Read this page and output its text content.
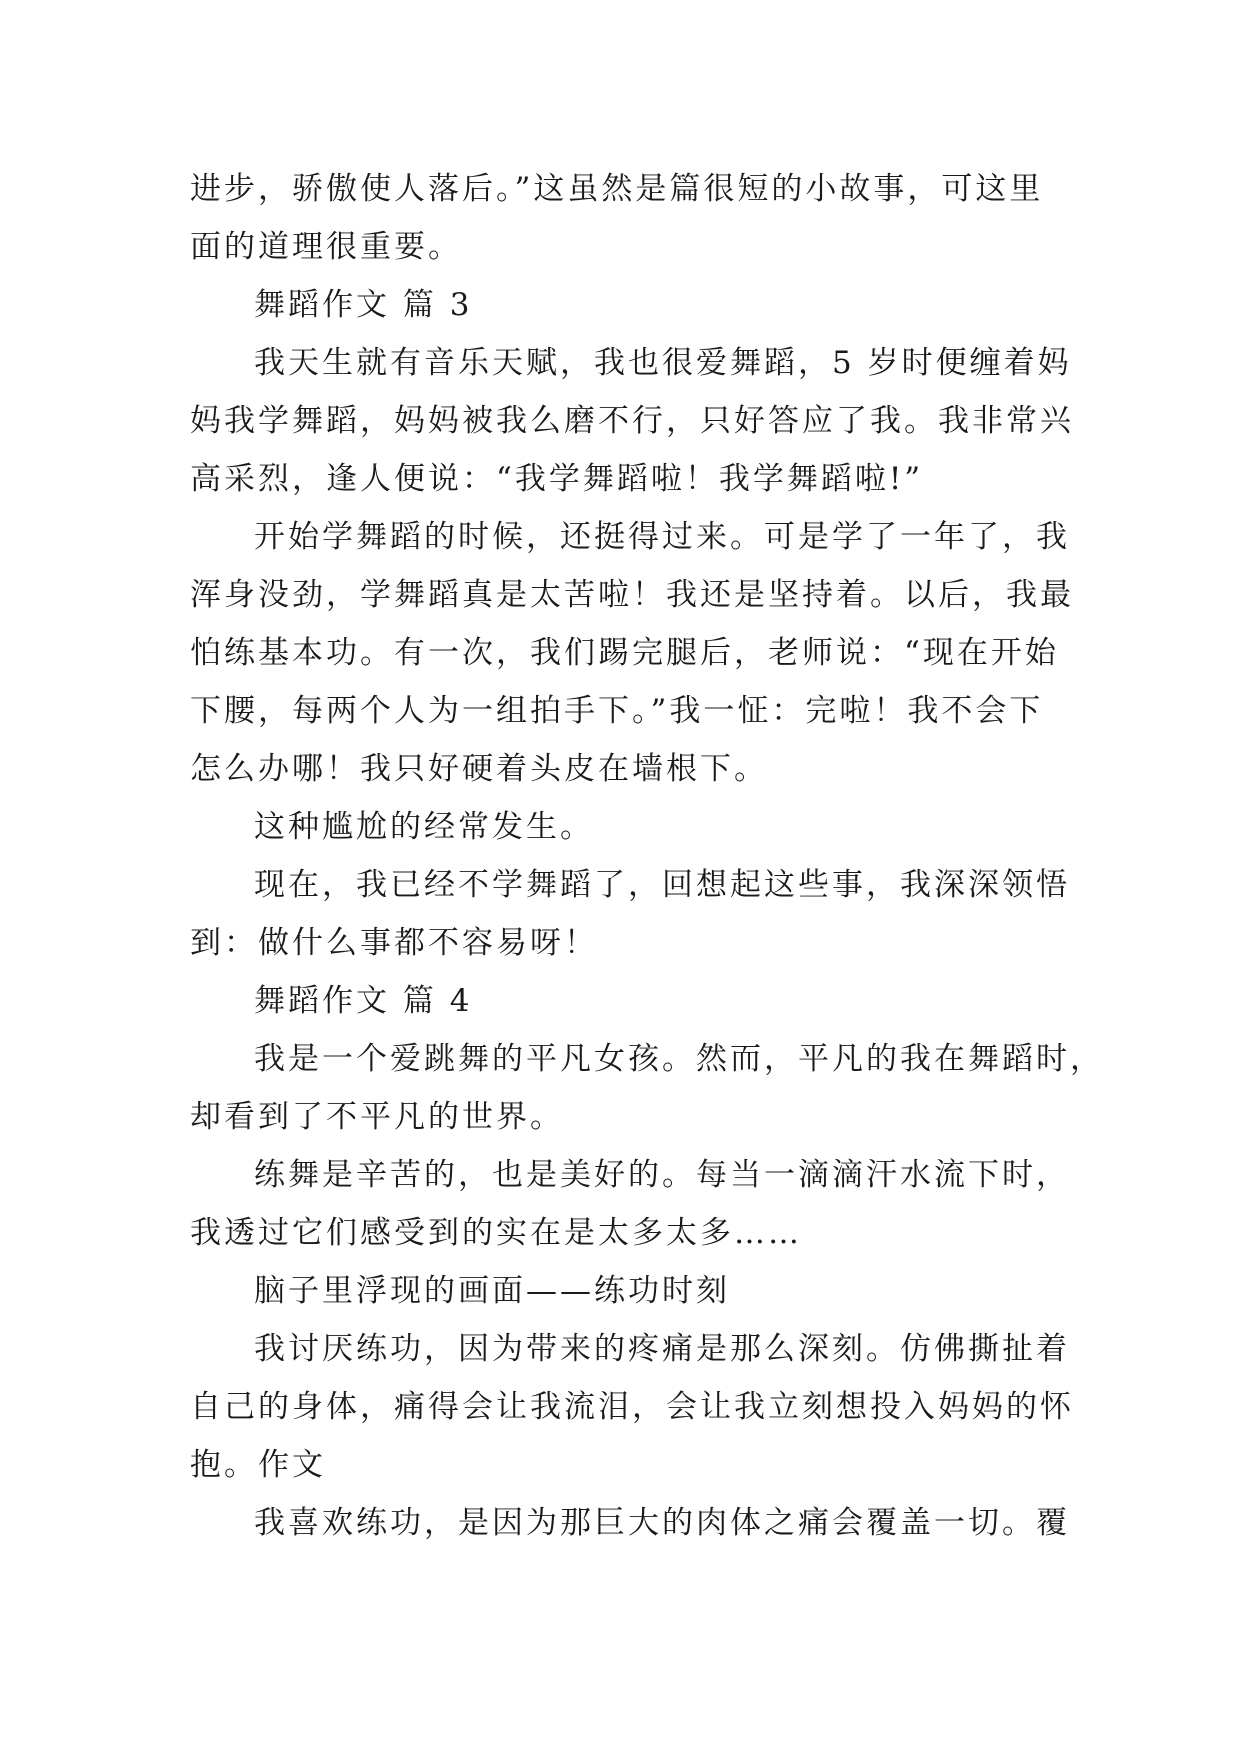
进步，骄傲使人落后。”这虽然是篇很短的小故事，可这里
面的道理很重要。
舞蹈作文 篇 3
我天生就有音乐天赋，我也很爱舞蹈，5 岁时便缠着妈
妈我学舞蹈，妈妈被我么磨不行，只好答应了我。我非常兴
高采烈，逢人便说：“我学舞蹈啦！我学舞蹈啦!”
开始学舞蹈的时候，还挺得过来。可是学了一年了，我
浑身没劲，学舞蹈真是太苦啦！我还是坚持着。以后，我最
怕练基本功。有一次，我们踢完腿后，老师说：“现在开始
下腰，每两个人为一组拍手下。”我一怔：完啦！我不会下
怎么办哪！我只好硬着头皮在墙根下。
这种尴尬的经常发生。
现在，我已经不学舞蹈了，回想起这些事，我深深领悟
到：做什么事都不容易呀！
舞蹈作文 篇 4
我是一个爱跳舞的平凡女孩。然而，平凡的我在舞蹈时，
却看到了不平凡的世界。
练舞是辛苦的，也是美好的。每当一滴滴汗水流下时，
我透过它们感受到的实在是太多太多……
脑子里浮现的画面——练功时刻
我讨厌练功，因为带来的疼痛是那么深刻。仿佛撕扯着
自己的身体，痛得会让我流泪，会让我立刻想投入妈妈的怀
抱。作文
我喜欢练功，是因为那巨大的肉体之痛会覆盖一切。覆
